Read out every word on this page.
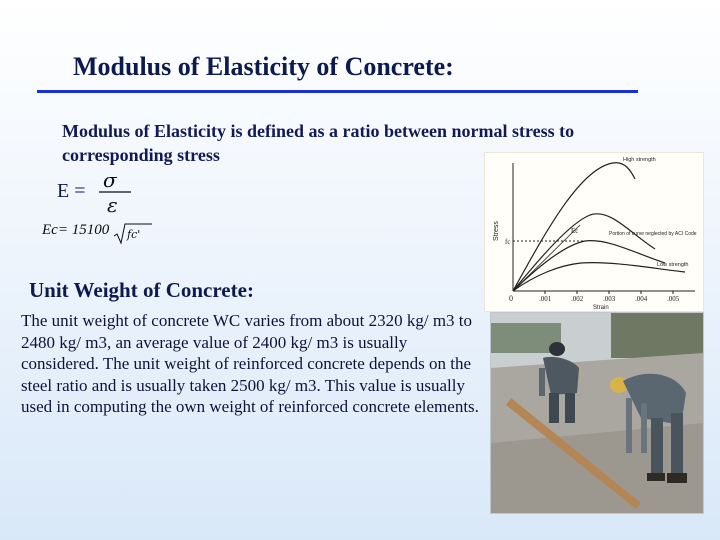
Modulus of Elasticity of Concrete:
Modulus of Elasticity is defined as a ratio between normal stress to corresponding stress
E = σ
ε
Ec= 15100 fc'
High strength
Ec
fc
Portion of curve neglected by ACI Code
Low strength
Stress
0	.001	.002	.003	.004	.005
Strain
Unit Weight of Concrete:
The unit weight of concrete WC varies from about 2320 kg/ m3 to 2480 kg/ m3, an average value of 2400 kg/ m3 is usually considered. The unit weight of reinforced concrete depends on the steel ratio and is usually taken 2500 kg/ m3. This value is usually used in computing the own weight of reinforced concrete elements.
